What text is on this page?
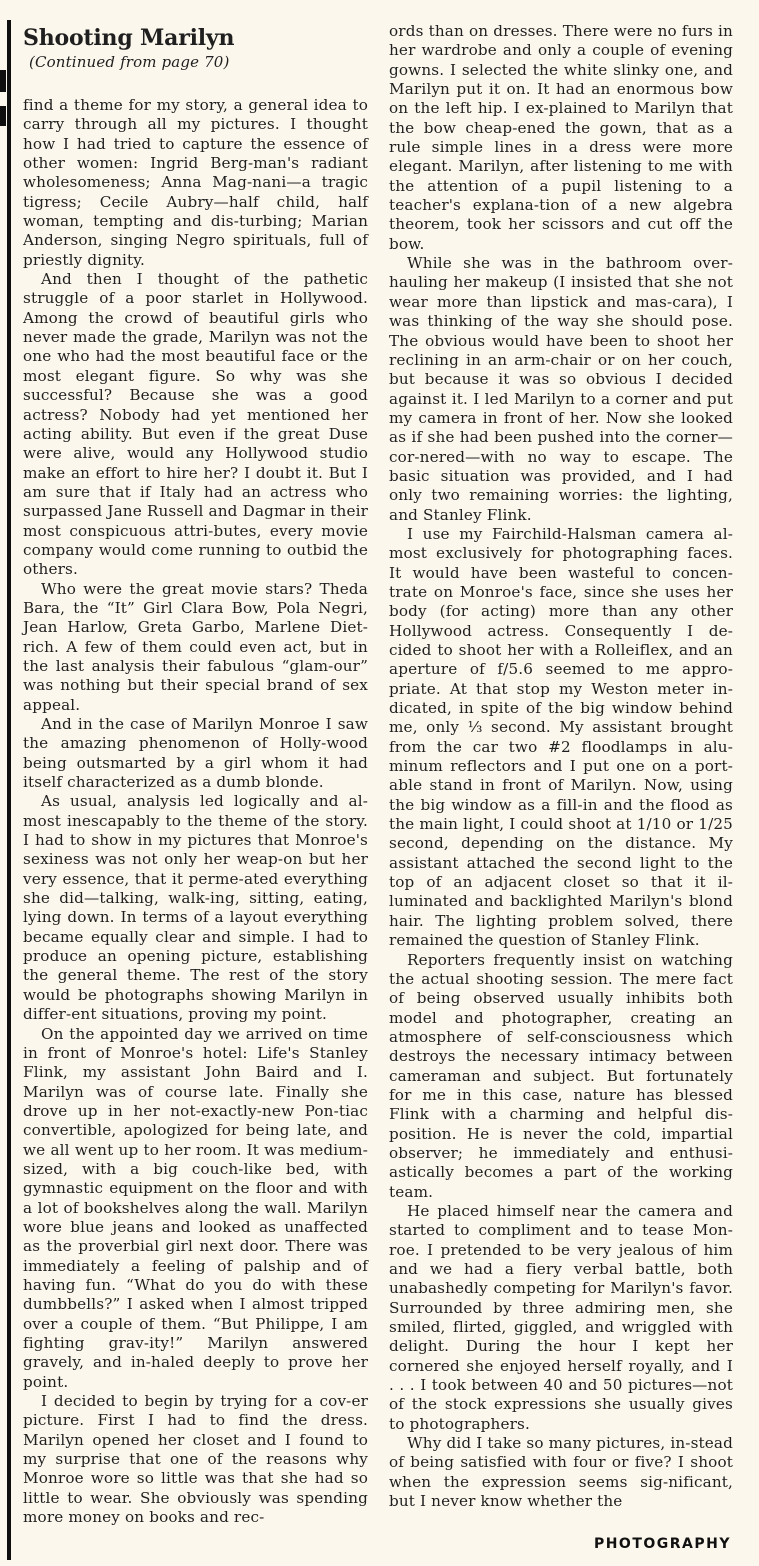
Shooting Marilyn
(Continued from page 70)

find a theme for my story, a general idea to carry through all my pictures. I thought how I had tried to capture the essence of other women: Ingrid Berg-man's radiant wholesomeness; Anna Mag-nani—a tragic tigress; Cecile Aubry—half child, half woman, tempting and dis-turbing; Marian Anderson, singing Negro spirituals, full of priestly dignity.

And then I thought of the pathetic struggle of a poor starlet in Hollywood. Among the crowd of beautiful girls who never made the grade, Marilyn was not the one who had the most beautiful face or the most elegant figure. So why was she successful? Because she was a good actress? Nobody had yet mentioned her acting ability. But even if the great Duse were alive, would any Hollywood studio make an effort to hire her? I doubt it. But I am sure that if Italy had an actress who surpassed Jane Russell and Dagmar in their most conspicuous attri-butes, every movie company would come running to outbid the others.

Who were the great movie stars? Theda Bara, the “It” Girl Clara Bow, Pola Negri, Jean Harlow, Greta Garbo, Marlene Diet-rich. A few of them could even act, but in the last analysis their fabulous “glam-our” was nothing but their special brand of sex appeal.

And in the case of Marilyn Monroe I saw the amazing phenomenon of Holly-wood being outsmarted by a girl whom it had itself characterized as a dumb blonde.

As usual, analysis led logically and al-most inescapably to the theme of the story. I had to show in my pictures that Monroe's sexiness was not only her weap-on but her very essence, that it perme-ated everything she did—talking, walk-ing, sitting, eating, lying down. In terms of a layout everything became equally clear and simple. I had to produce an opening picture, establishing the general theme. The rest of the story would be photographs showing Marilyn in differ-ent situations, proving my point.

On the appointed day we arrived on time in front of Monroe's hotel: Life's Stanley Flink, my assistant John Baird and I. Marilyn was of course late. Finally she drove up in her not-exactly-new Pon-tiac convertible, apologized for being late, and we all went up to her room. It was medium-sized, with a big couch-like bed, with gymnastic equipment on the floor and with a lot of bookshelves along the wall. Marilyn wore blue jeans and looked as unaffected as the proverbial girl next door. There was immediately a feeling of palship and of having fun. “What do you do with these dumbbells?” I asked when I almost tripped over a couple of them. “But Philippe, I am fighting grav-ity!” Marilyn answered gravely, and in-haled deeply to prove her point.

I decided to begin by trying for a cov-er picture. First I had to find the dress. Marilyn opened her closet and I found to my surprise that one of the reasons why Monroe wore so little was that she had so little to wear. She obviously was spending more money on books and rec-

ords than on dresses. There were no furs in her wardrobe and only a couple of evening gowns. I selected the white slinky one, and Marilyn put it on. It had an enormous bow on the left hip. I ex-plained to Marilyn that the bow cheap-ened the gown, that as a rule simple lines in a dress were more elegant. Marilyn, after listening to me with the attention of a pupil listening to a teacher's explana-tion of a new algebra theorem, took her scissors and cut off the bow.

While she was in the bathroom over-hauling her makeup (I insisted that she not wear more than lipstick and mas-cara), I was thinking of the way she should pose. The obvious would have been to shoot her reclining in an arm-chair or on her couch, but because it was so obvious I decided against it. I led Marilyn to a corner and put my camera in front of her. Now she looked as if she had been pushed into the corner—cor-nered—with no way to escape. The basic situation was provided, and I had only two remaining worries: the lighting, and Stanley Flink.

I use my Fairchild-Halsman camera al-most exclusively for photographing faces. It would have been wasteful to concen-trate on Monroe's face, since she uses her body (for acting) more than any other Hollywood actress. Consequently I de-cided to shoot her with a Rolleiflex, and an aperture of f/5.6 seemed to me appro-priate. At that stop my Weston meter in-dicated, in spite of the big window behind me, only ⅓ second. My assistant brought from the car two #2 floodlamps in alu-minum reflectors and I put one on a port-able stand in front of Marilyn. Now, using the big window as a fill-in and the flood as the main light, I could shoot at 1/10 or 1/25 second, depending on the distance. My assistant attached the second light to the top of an adjacent closet so that it il-luminated and backlighted Marilyn's blond hair. The lighting problem solved, there remained the question of Stanley Flink.

Reporters frequently insist on watching the actual shooting session. The mere fact of being observed usually inhibits both model and photographer, creating an atmosphere of self-consciousness which destroys the necessary intimacy between cameraman and subject. But fortunately for me in this case, nature has blessed Flink with a charming and helpful dis-position. He is never the cold, impartial observer; he immediately and enthusi-astically becomes a part of the working team.

He placed himself near the camera and started to compliment and to tease Mon-roe. I pretended to be very jealous of him and we had a fiery verbal battle, both unabashedly competing for Marilyn's favor. Surrounded by three admiring men, she smiled, flirted, giggled, and wriggled with delight. During the hour I kept her cornered she enjoyed herself royally, and I . . . I took between 40 and 50 pictures—not of the stock expressions she usually gives to photographers.

Why did I take so many pictures, in-stead of being satisfied with four or five? I shoot when the expression seems sig-nificant, but I never know whether the

PHOTOGRAPHY
